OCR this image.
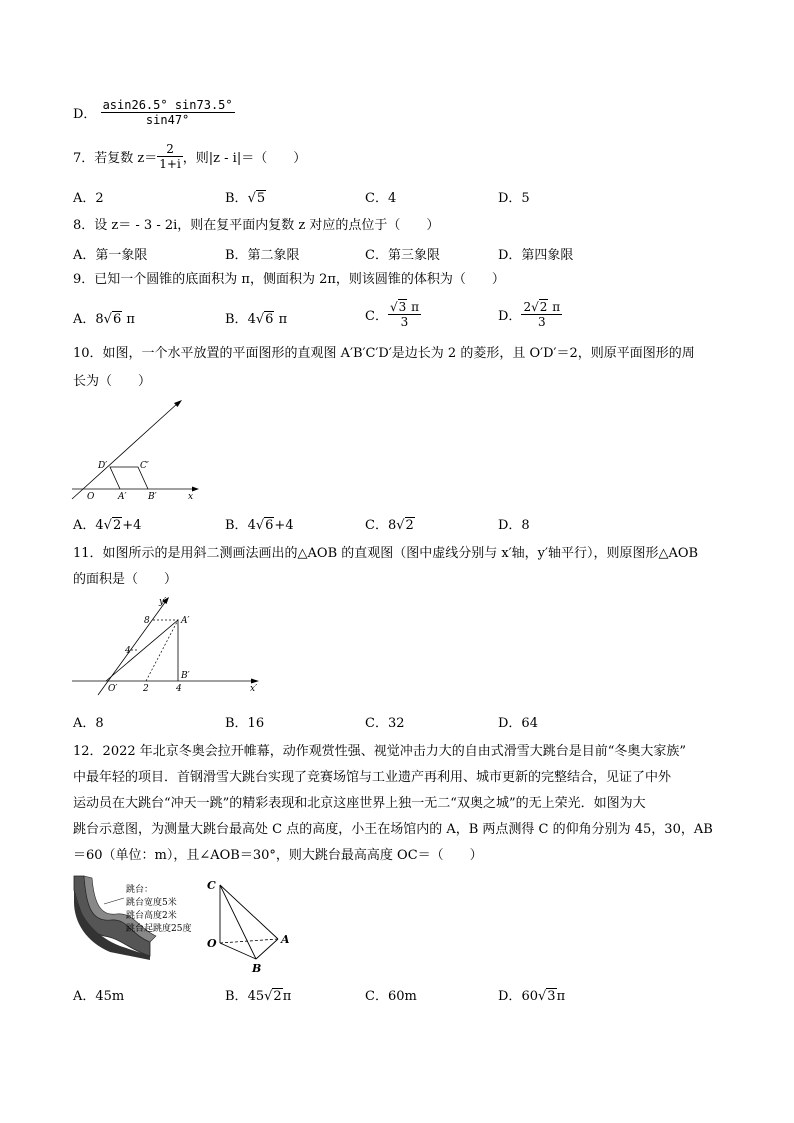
D． $\frac{asin26.5^\circ \sin 73.5^\circ}{\sin 47^\circ}$
7．若复数 $z= \frac{2}{1+i}$ ，则|z - i|＝（　　）
A．2	B．√5	C．4	D．5
8．设 z＝ - 3 - 2i，则在复平面内复数 z 对应的点位于（　　）
A．第一象限	B．第二象限	C．第三象限	D．第四象限
9．已知一个圆锥的底面积为 π，侧面积为 2π，则该圆锥的体积为（　　）
A．8√6 π	B．4√6 π	C． $\frac{√3 \pi}{3}$	D． $\frac{2√2 \pi}{3}$
10．如图，一个水平放置的平面图形的直观图 A′B′C′D′是边长为 2 的菱形，且 O′D′＝2，则原平面图形的周
长为（　　）
D′	C′
O	A′ B′	x
A．4√2+4	B．4√6+4	C．8√2	D．8
11．如图所示的是用斜二测画法画出的△AOB 的直观图（图中虚线分别与 x′轴，y′轴平行），则原图形△AOB
的面积是（　　）
y′
8	A′
4
B′
O′	2	4	x′
A．8	B．16	C．32	D．64
12．2022 年北京冬奥会拉开帷幕，动作观赏性强、视觉冲击力大的自由式滑雪大跳台是目前“冬奥大家族”
中最年轻的项目．首钢滑雪大跳台实现了竞赛场馆与工业遗产再利用、城市更新的完整结合，见证了中外
运动员在大跳台“冲天一跳”的精彩表现和北京这座世界上独一无二“双奥之城”的无上荣光．如图为大
跳台示意图，为测量大跳台最高处 C 点的高度，小王在场馆内的 A，B 两点测得 C 的仰角分别为 45，30，AB
＝60（单位：m），且∠AOB＝30°，则大跳台最高高度 OC＝（　　）
跳台：
跳台宽度5米
跳台高度2米
跳台起跳度25度
C
O	A
B
A．45m	B．45√2π	C．60m	D．60√3π
